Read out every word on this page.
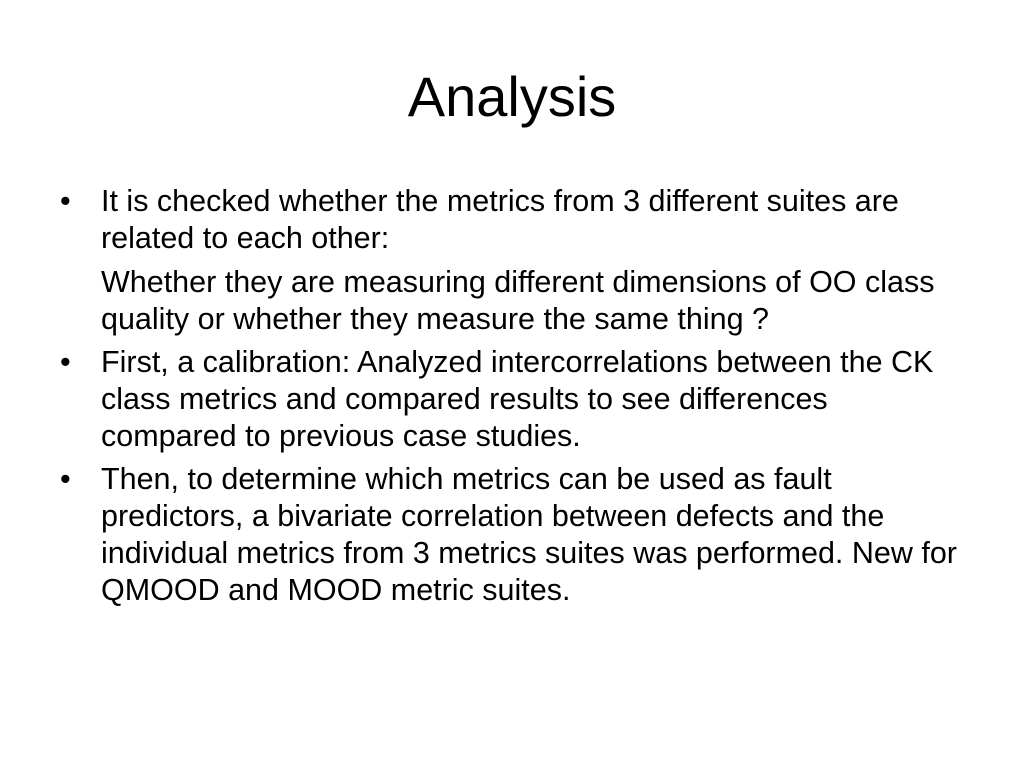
Analysis
• It is checked whether the metrics from 3 different suites are related to each other:

Whether they are measuring different dimensions of OO class quality or whether they measure the same thing ?

• First, a calibration: Analyzed intercorrelations between the CK class metrics and compared results to see differences compared to previous case studies.

• Then, to determine which metrics can be used as fault predictors, a bivariate correlation between defects and the individual metrics from 3 metrics suites was performed. New for QMOOD and MOOD metric suites.
